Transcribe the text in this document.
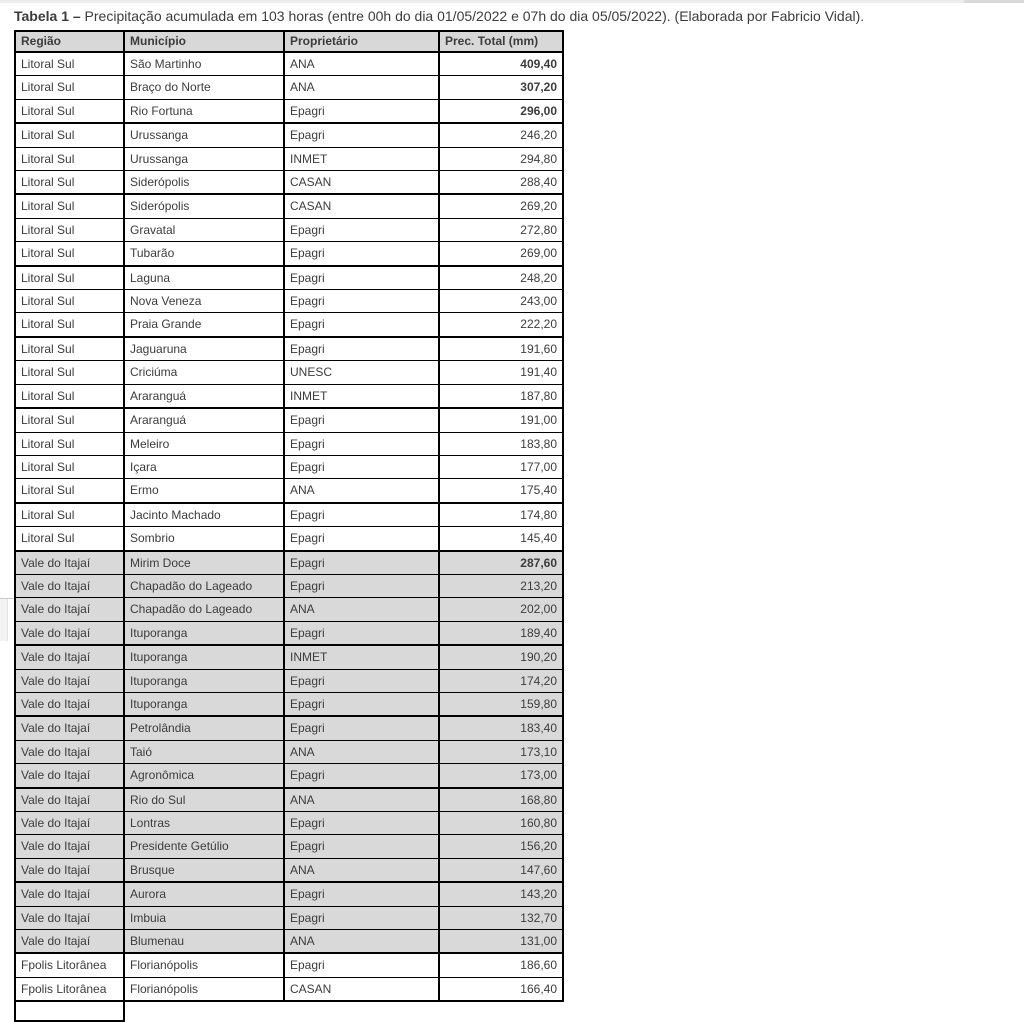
Tabela 1 – Precipitação acumulada em 103 horas (entre 00h do dia 01/05/2022 e 07h do dia 05/05/2022). (Elaborada por Fabricio Vidal).

Região	Município	Proprietário	Prec. Total (mm)
Litoral Sul	São Martinho	ANA	409,40
Litoral Sul	Braço do Norte	ANA	307,20
Litoral Sul	Rio Fortuna	Epagri	296,00
Litoral Sul	Urussanga	Epagri	246,20
Litoral Sul	Urussanga	INMET	294,80
Litoral Sul	Siderópolis	CASAN	288,40
Litoral Sul	Siderópolis	CASAN	269,20
Litoral Sul	Gravatal	Epagri	272,80
Litoral Sul	Tubarão	Epagri	269,00
Litoral Sul	Laguna	Epagri	248,20
Litoral Sul	Nova Veneza	Epagri	243,00
Litoral Sul	Praia Grande	Epagri	222,20
Litoral Sul	Jaguaruna	Epagri	191,60
Litoral Sul	Criciúma	UNESC	191,40
Litoral Sul	Araranguá	INMET	187,80
Litoral Sul	Araranguá	Epagri	191,00
Litoral Sul	Meleiro	Epagri	183,80
Litoral Sul	Içara	Epagri	177,00
Litoral Sul	Ermo	ANA	175,40
Litoral Sul	Jacinto Machado	Epagri	174,80
Litoral Sul	Sombrio	Epagri	145,40
Vale do Itajaí	Mirim Doce	Epagri	287,60
Vale do Itajaí	Chapadão do Lageado	Epagri	213,20
Vale do Itajaí	Chapadão do Lageado	ANA	202,00
Vale do Itajaí	Ituporanga	Epagri	189,40
Vale do Itajaí	Ituporanga	INMET	190,20
Vale do Itajaí	Ituporanga	Epagri	174,20
Vale do Itajaí	Ituporanga	Epagri	159,80
Vale do Itajaí	Petrolândia	Epagri	183,40
Vale do Itajaí	Taió	ANA	173,10
Vale do Itajaí	Agronômica	Epagri	173,00
Vale do Itajaí	Rio do Sul	ANA	168,80
Vale do Itajaí	Lontras	Epagri	160,80
Vale do Itajaí	Presidente Getúlio	Epagri	156,20
Vale do Itajaí	Brusque	ANA	147,60
Vale do Itajaí	Aurora	Epagri	143,20
Vale do Itajaí	Imbuia	Epagri	132,70
Vale do Itajaí	Blumenau	ANA	131,00
Fpolis Litorânea	Florianópolis	Epagri	186,60
Fpolis Litorânea	Florianópolis	CASAN	166,40
